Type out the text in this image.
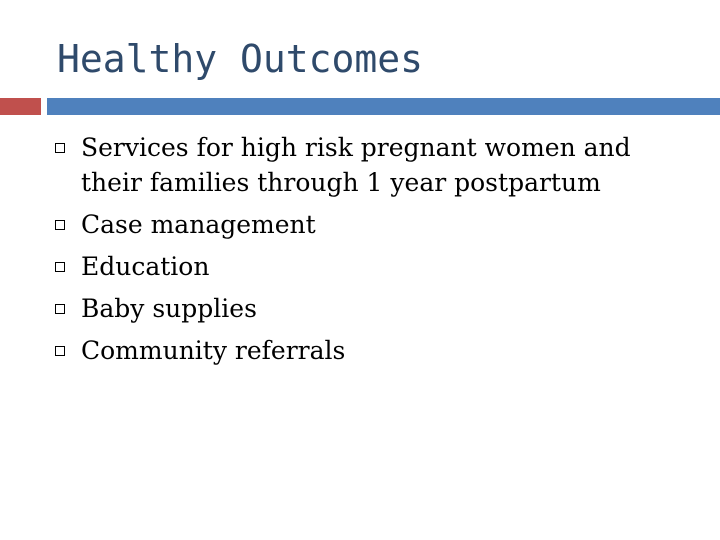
Healthy Outcomes
Services for high risk pregnant women and their families through 1 year postpartum
Case management
Education
Baby supplies
Community referrals
